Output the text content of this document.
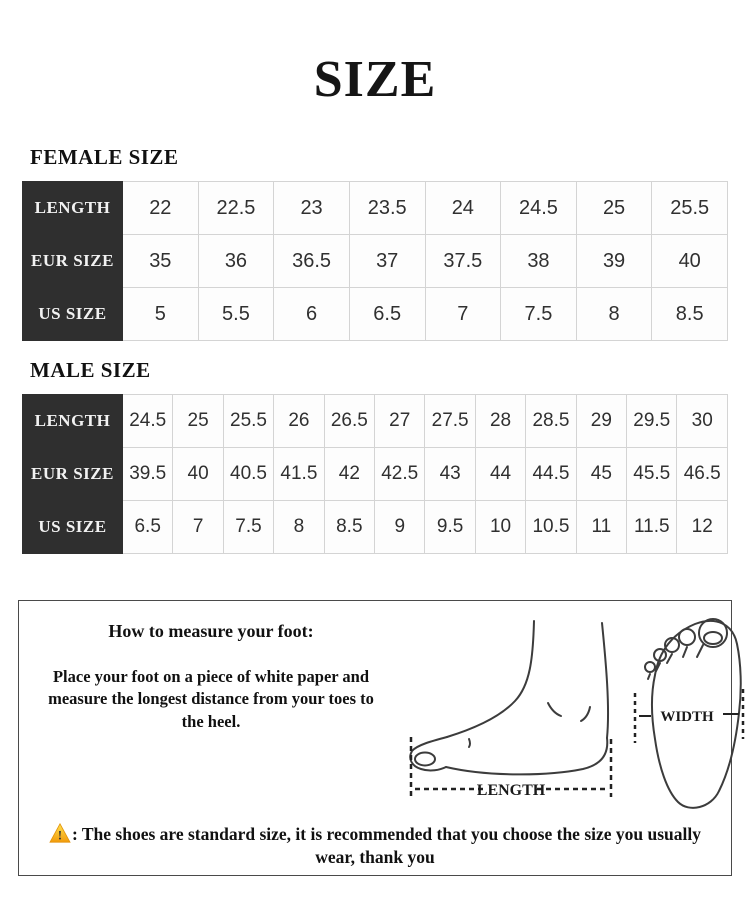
SIZE
FEMALE SIZE
LENGTH	22	22.5	23	23.5	24	24.5	25	25.5
EUR SIZE	35	36	36.5	37	37.5	38	39	40
US SIZE	5	5.5	6	6.5	7	7.5	8	8.5
MALE SIZE
LENGTH	24.5	25	25.5	26	26.5	27	27.5	28	28.5	29	29.5	30
EUR SIZE	39.5	40	40.5	41.5	42	42.5	43	44	44.5	45	45.5	46.5
US SIZE	6.5	7	7.5	8	8.5	9	9.5	10	10.5	11	11.5	12

How to measure your foot:

Place your foot on a piece of white paper and measure the longest distance from your toes to the heel.

LENGTH
WIDTH

! : The shoes are standard size, it is recommended that you choose the size you usually wear, thank you
